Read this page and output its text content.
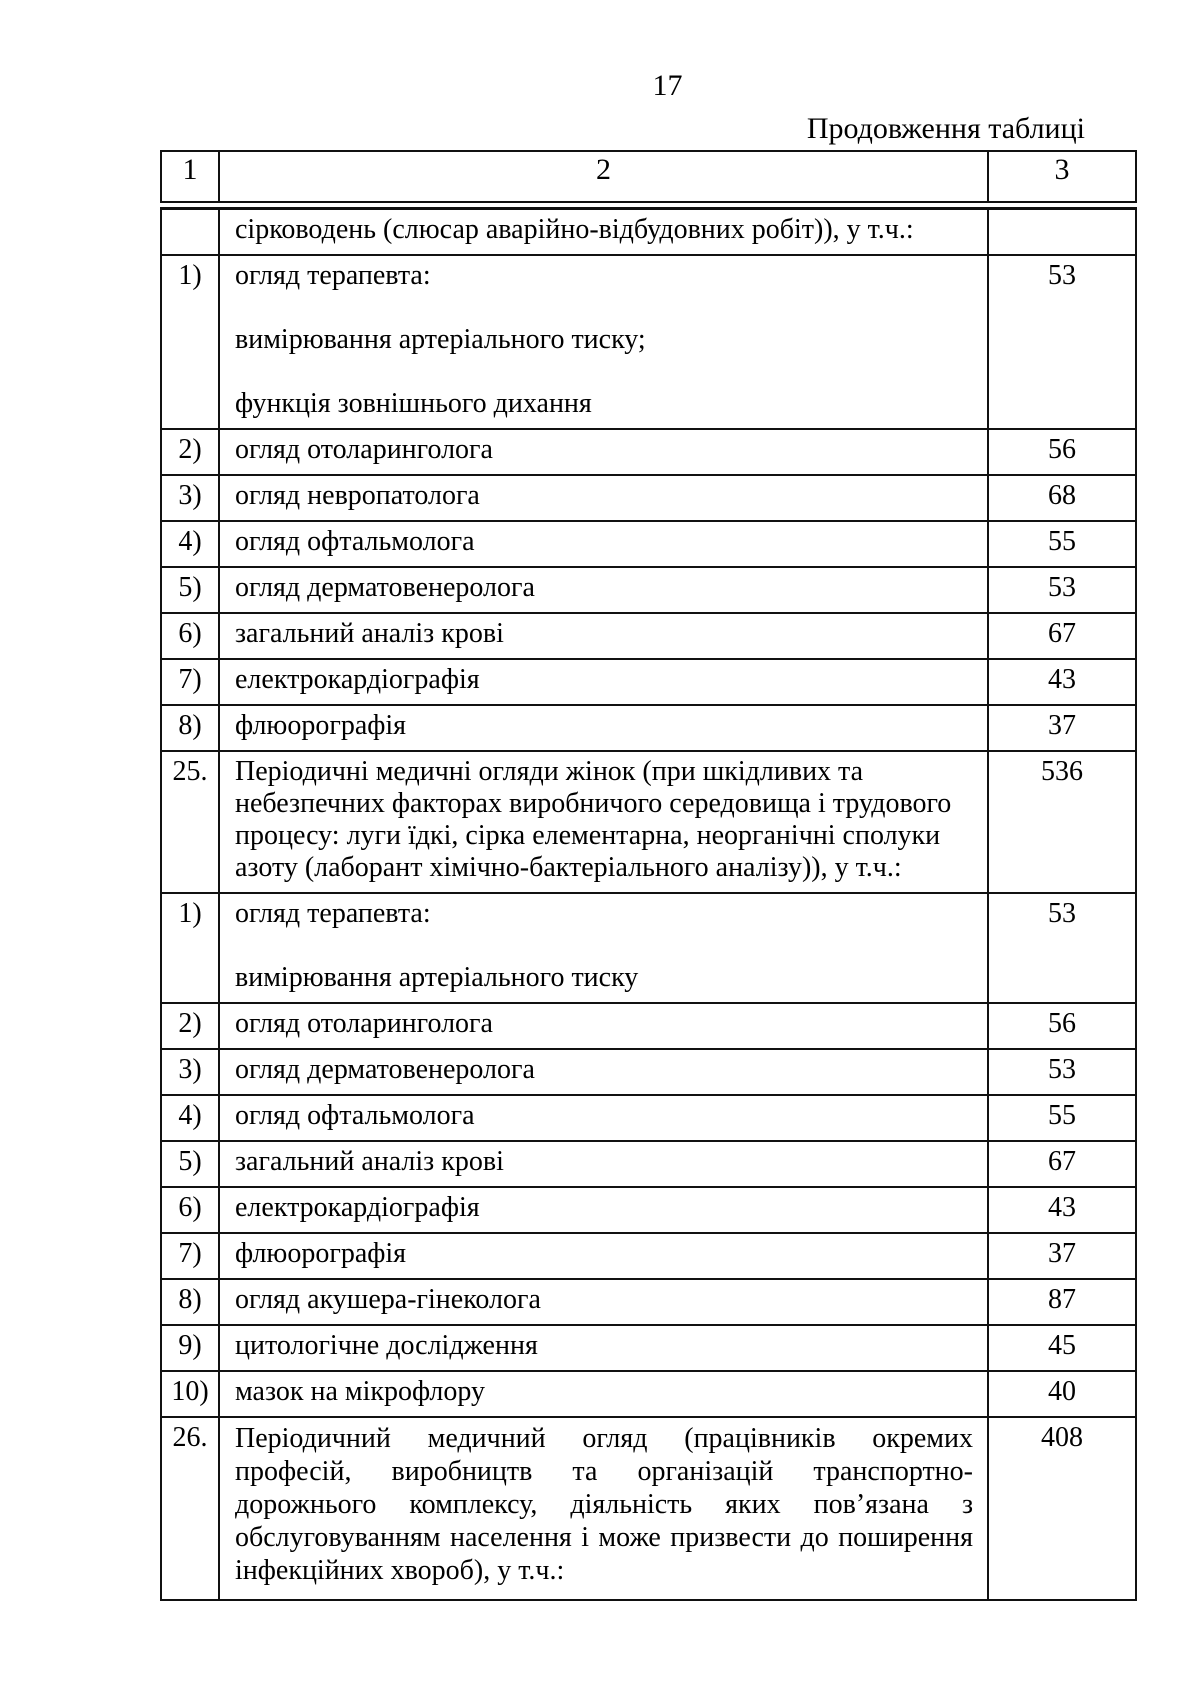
17
Продовження таблиці
1	2	3

	сірководень (слюсар аварійно-відбудовних робіт)), у т.ч.:	

1)	огляд терапевта:

вимірювання артеріального тиску;

функція зовнішнього дихання	53
2)	огляд отоларинголога	56
3)	огляд невропатолога	68
4)	огляд офтальмолога	55
5)	огляд дерматовенеролога	53
6)	загальний аналіз крові	67
7)	електрокардіографія	43
8)	флюорографія	37
25.	Періодичні медичні огляди жінок (при шкідливих та небезпечних факторах виробничого середовища і трудового процесу: луги їдкі, сірка елементарна, неорганічні сполуки азоту (лаборант хімічно-бактеріального аналізу)), у т.ч.:	536
1)	огляд терапевта:

вимірювання артеріального тиску	53
2)	огляд отоларинголога	56
3)	огляд дерматовенеролога	53
4)	огляд офтальмолога	55
5)	загальний аналіз крові	67
6)	електрокардіографія	43
7)	флюорографія	37
8)	огляд акушера-гінеколога	87
9)	цитологічне дослідження	45
10)	мазок на мікрофлору	40
26.	Періодичний медичний огляд (працівників окремих професій, виробництв та організацій транспортно-дорожнього комплексу, діяльність яких пов’язана з обслуговуванням населення і може призвести до поширення інфекційних хвороб), у т.ч.:	408
